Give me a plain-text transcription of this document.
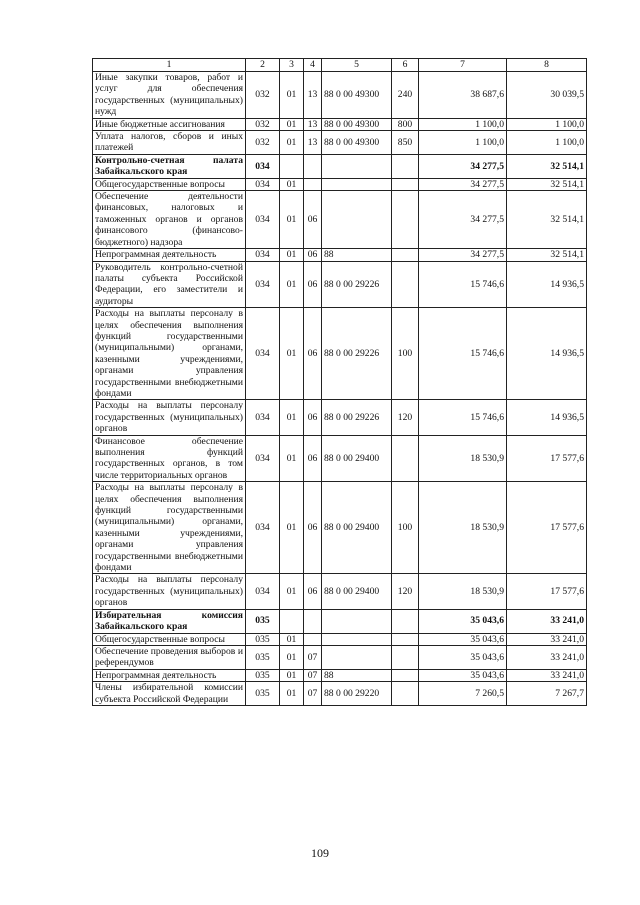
1	2	3	4	5	6	7	8
Иные закупки товаров, работ и услуг для обеспечения государственных (муниципальных) нужд	032	01	13	88 0 00 49300	240	38 687,6	30 039,5
Иные бюджетные ассигнования	032	01	13	88 0 00 49300	800	1 100,0	1 100,0
Уплата налогов, сборов и иных платежей	032	01	13	88 0 00 49300	850	1 100,0	1 100,0
Контрольно-счетная палата Забайкальского края	034					34 277,5	32 514,1
Общегосударственные вопросы	034	01				34 277,5	32 514,1
Обеспечение деятельности финансовых, налоговых и таможенных органов и органов финансового (финансово-бюджетного) надзора	034	01	06			34 277,5	32 514,1
Непрограммная деятельность	034	01	06	88		34 277,5	32 514,1
Руководитель контрольно-счетной палаты субъекта Российской Федерации, его заместители и аудиторы	034	01	06	88 0 00 29226		15 746,6	14 936,5
Расходы на выплаты персоналу в целях обеспечения выполнения функций государственными (муниципальными) органами, казенными учреждениями, органами управления государственными внебюджетными фондами	034	01	06	88 0 00 29226	100	15 746,6	14 936,5
Расходы на выплаты персоналу государственных (муниципальных) органов	034	01	06	88 0 00 29226	120	15 746,6	14 936,5
Финансовое обеспечение выполнения функций государственных органов, в том числе территориальных органов	034	01	06	88 0 00 29400		18 530,9	17 577,6
Расходы на выплаты персоналу в целях обеспечения выполнения функций государственными (муниципальными) органами, казенными учреждениями, органами управления государственными внебюджетными фондами	034	01	06	88 0 00 29400	100	18 530,9	17 577,6
Расходы на выплаты персоналу государственных (муниципальных) органов	034	01	06	88 0 00 29400	120	18 530,9	17 577,6
Избирательная комиссия Забайкальского края	035					35 043,6	33 241,0
Общегосударственные вопросы	035	01				35 043,6	33 241,0
Обеспечение проведения выборов и референдумов	035	01	07			35 043,6	33 241,0
Непрограммная деятельность	035	01	07	88		35 043,6	33 241,0
Члены избирательной комиссии субъекта Российской Федерации	035	01	07	88 0 00 29220		7 260,5	7 267,7
109
